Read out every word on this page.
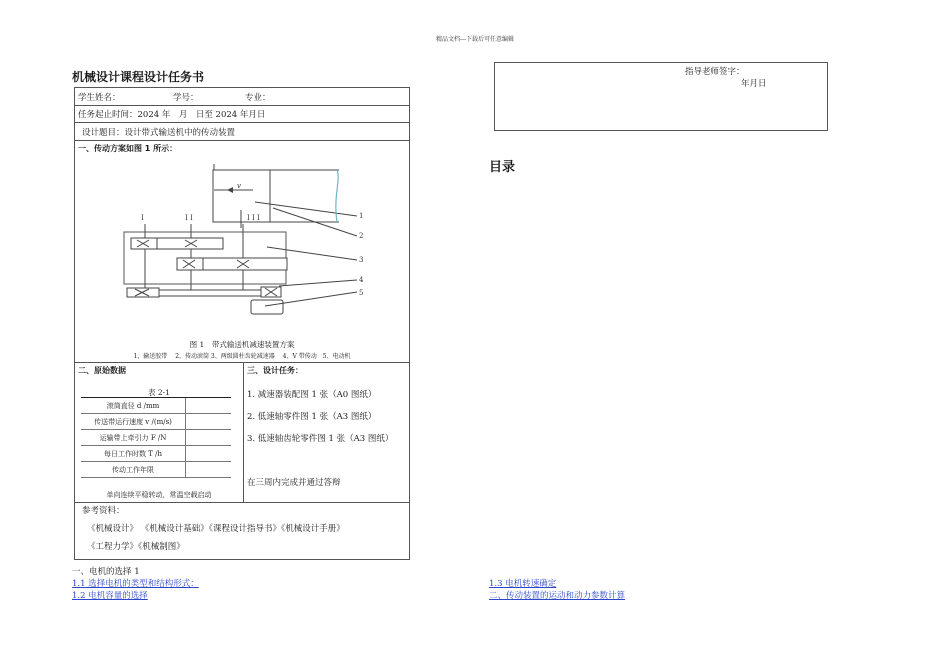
精品文档---下载后可任意编辑
机械设计课程设计任务书
学生姓名：	学号：	专业：
任务起止时间：2024 年　月　日至 2024 年月日
设计题目：设计带式输送机中的传动装置
一、传动方案如图 1 所示：
v
I	I I	I I I	1
2
3
4
5
图 1　带式输送机减速装置方案
1、输送胶带　 2、传动滚筒 3、两级圆柱齿轮减速器　 4、V 带传动　5、电动机
二、原始数据
表 2-1
滚筒直径 d /mm
传送带运行速度 v /(m/s)
运输带上牵引力 F /N
每日工作时数 T /h
传动工作年限
单向连续平稳转动，常温空载启动
三、设计任务：
1. 减速器装配图 1 张（A0 图纸）
2. 低速轴零件图 1 张（A3 图纸）
3. 低速轴齿轮零件图 1 张（A3 图纸）
在三周内完成并通过答辩
参考资料：
《机械设计》 《机械设计基础》《课程设计指导书》《机械设计手册》
《工程力学》《机械制图》
指导老师签字：
年月日
目录
一、电机的选择 1
1.1 选择电机的类型和结构形式：
1.2 电机容量的选择
1.3 电机转速确定
二、传动装置的运动和动力参数计算
